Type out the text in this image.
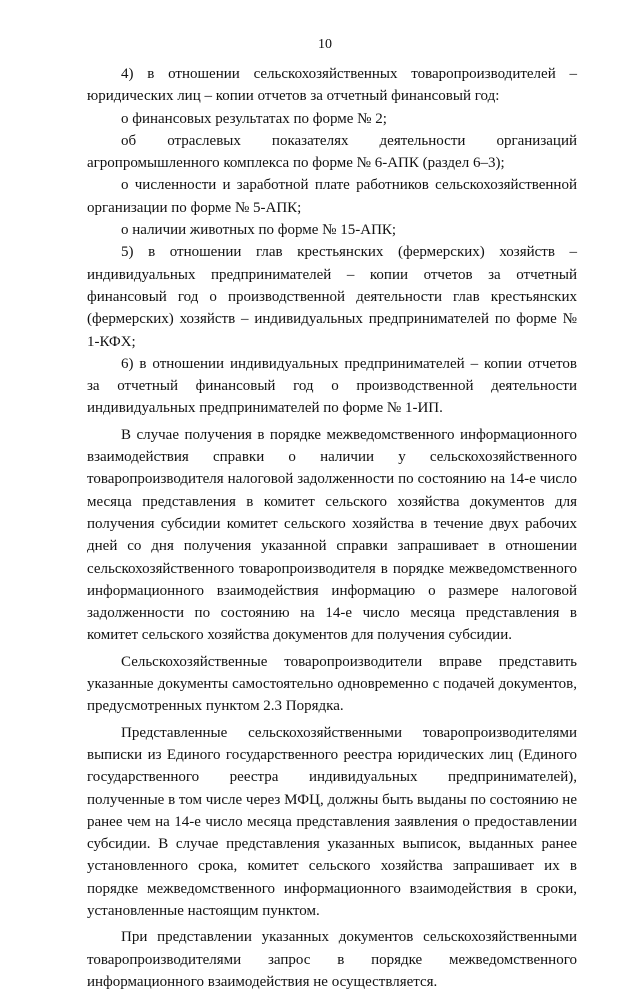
10

4) в отношении сельскохозяйственных товаропроизводителей – юридических лиц – копии отчетов за отчетный финансовый год:

о финансовых результатах по форме № 2;

об отраслевых показателях деятельности организаций агропромышленного комплекса по форме № 6-АПК (раздел 6–3);

о численности и заработной плате работников сельскохозяйственной организации по форме № 5-АПК;

о наличии животных по форме № 15-АПК;

5) в отношении глав крестьянских (фермерских) хозяйств – индивидуальных предпринимателей – копии отчетов за отчетный финансовый год о производственной деятельности глав крестьянских (фермерских) хозяйств – индивидуальных предпринимателей по форме № 1-КФХ;

6) в отношении индивидуальных предпринимателей – копии отчетов за отчетный финансовый год о производственной деятельности индивидуальных предпринимателей по форме № 1-ИП.

В случае получения в порядке межведомственного информационного взаимодействия справки о наличии у сельскохозяйственного товаропроизводителя налоговой задолженности по состоянию на 14-е число месяца представления в комитет сельского хозяйства документов для получения субсидии комитет сельского хозяйства в течение двух рабочих дней со дня получения указанной справки запрашивает в отношении сельскохозяйственного товаропроизводителя в порядке межведомственного информационного взаимодействия информацию о размере налоговой задолженности по состоянию на 14-е число месяца представления в комитет сельского хозяйства документов для получения субсидии.

Сельскохозяйственные товаропроизводители вправе представить указанные документы самостоятельно одновременно с подачей документов, предусмотренных пунктом 2.3 Порядка.

Представленные сельскохозяйственными товаропроизводителями выписки из Единого государственного реестра юридических лиц (Единого государственного реестра индивидуальных предпринимателей), полученные в том числе через МФЦ, должны быть выданы по состоянию не ранее чем на 14-е число месяца представления заявления о предоставлении субсидии. В случае представления указанных выписок, выданных ранее установленного срока, комитет сельского хозяйства запрашивает их в порядке межведомственного информационного взаимодействия в сроки, установленные настоящим пунктом.

При представлении указанных документов сельскохозяйственными товаропроизводителями запрос в порядке межведомственного информационного взаимодействия не осуществляется.
